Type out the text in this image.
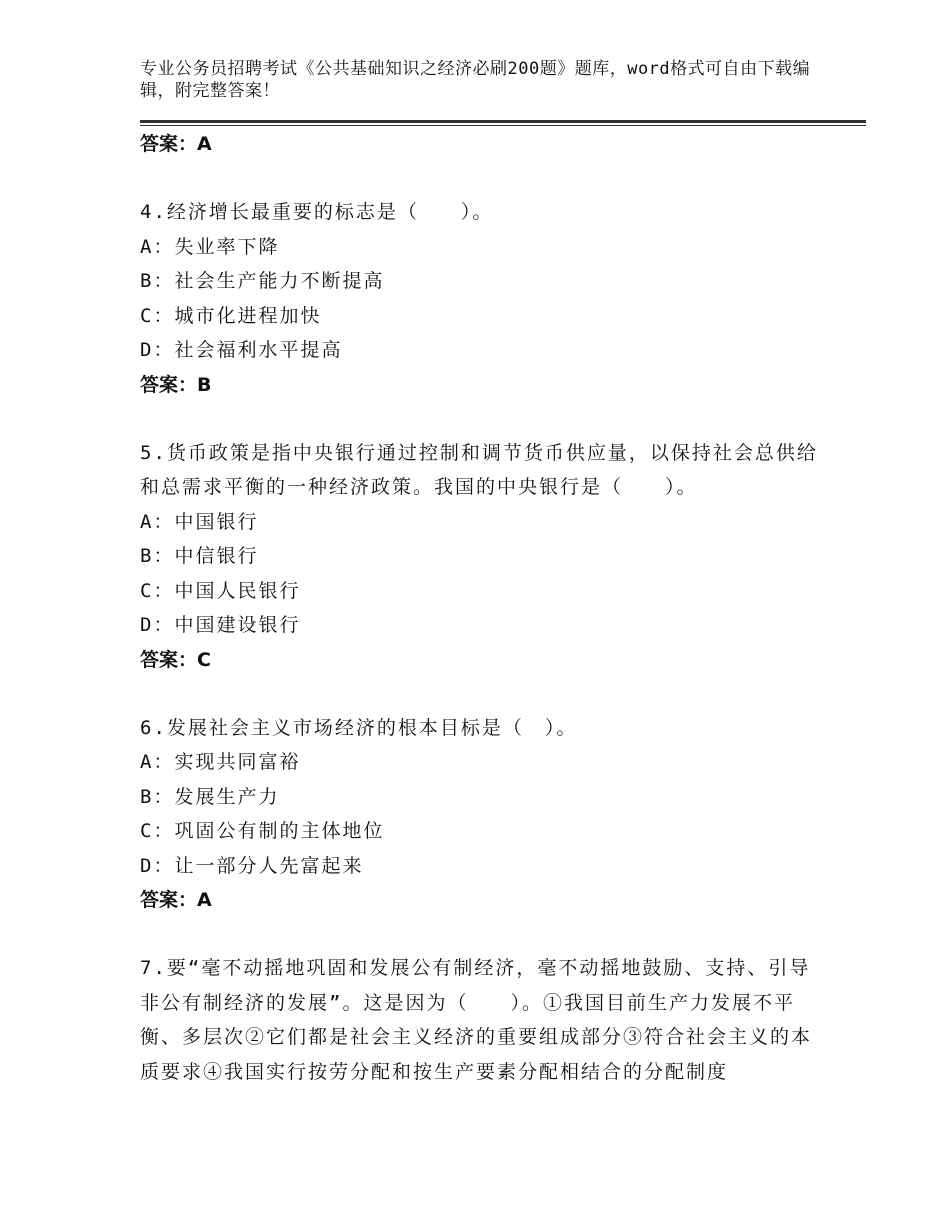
专业公务员招聘考试《公共基础知识之经济必刷200题》题库，word格式可自由下载编辑，附完整答案！
答案：A
4.经济增长最重要的标志是（　　）。
A：失业率下降
B：社会生产能力不断提高
C：城市化进程加快
D：社会福利水平提高
答案：B
5.货币政策是指中央银行通过控制和调节货币供应量，以保持社会总供给和总需求平衡的一种经济政策。我国的中央银行是（　　）。
A：中国银行
B：中信银行
C：中国人民银行
D：中国建设银行
答案：C
6.发展社会主义市场经济的根本目标是（　）。
A：实现共同富裕
B：发展生产力
C：巩固公有制的主体地位
D：让一部分人先富起来
答案：A
7.要“毫不动摇地巩固和发展公有制经济，毫不动摇地鼓励、支持、引导非公有制经济的发展”。这是因为（　　）。①我国目前生产力发展不平衡、多层次②它们都是社会主义经济的重要组成部分③符合社会主义的本质要求④我国实行按劳分配和按生产要素分配相结合的分配制度
